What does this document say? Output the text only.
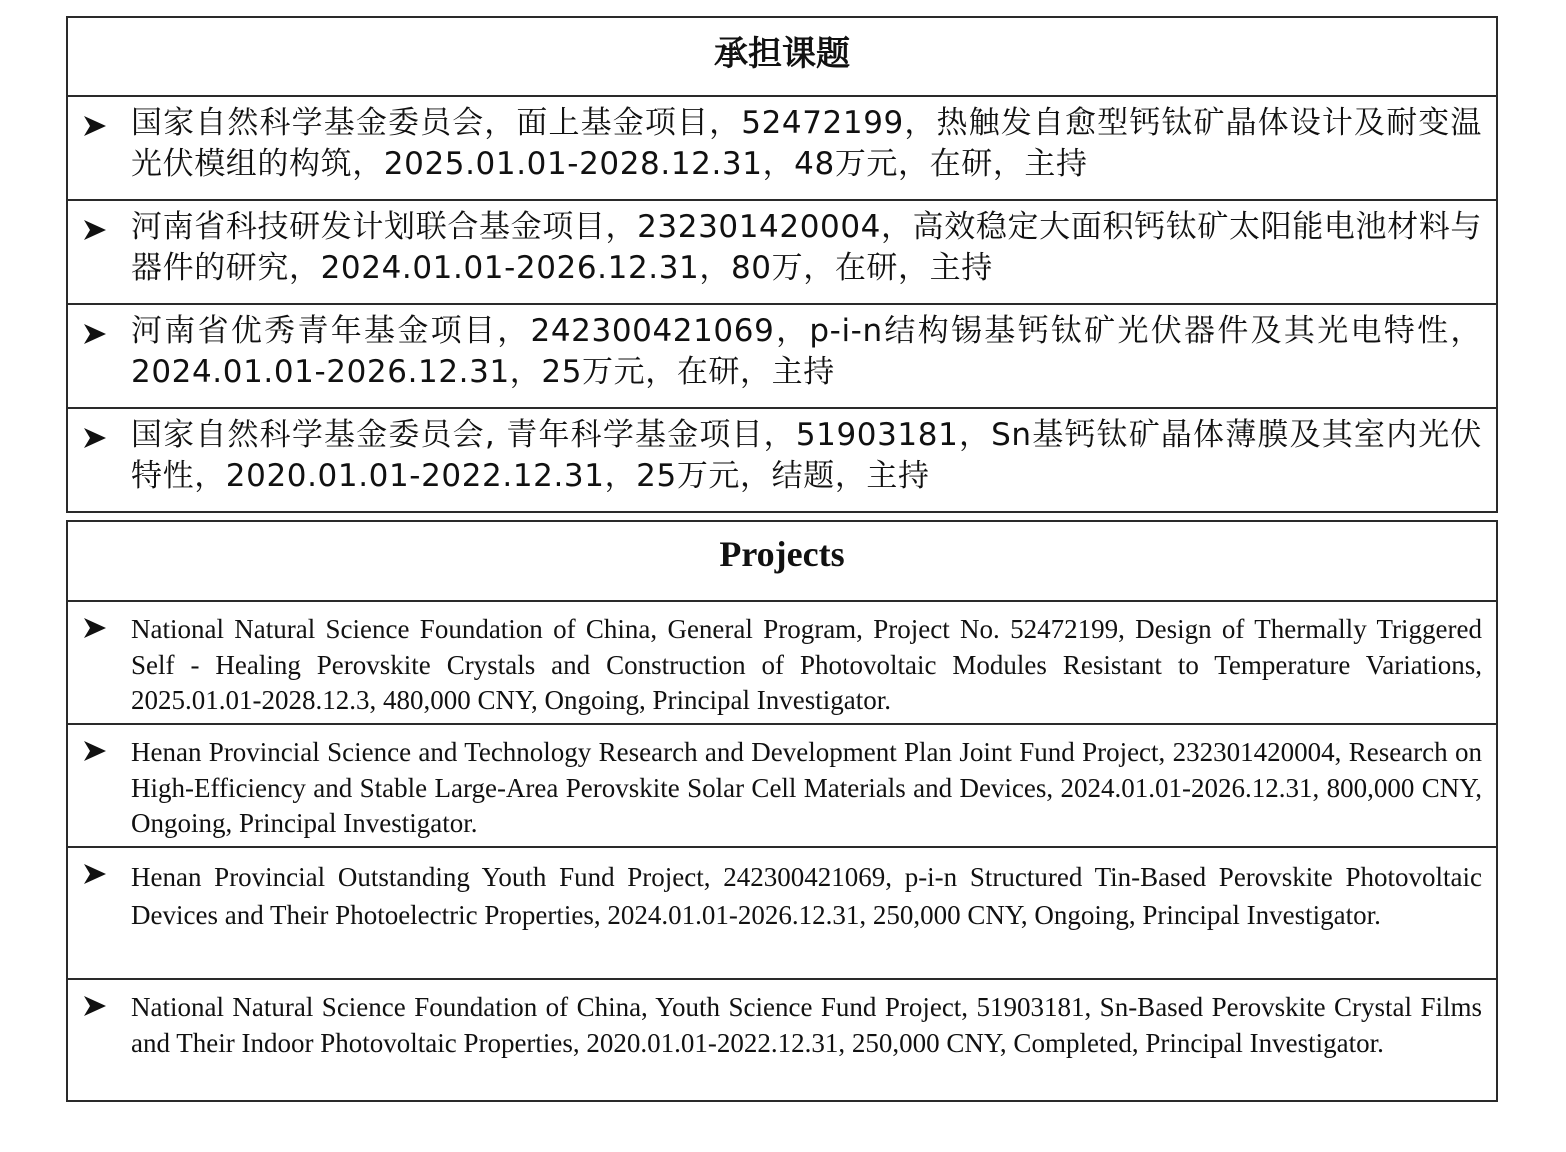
承担课题
国家自然科学基金委员会，面上基金项目，52472199，热触发自愈型钙钛矿晶体设计及耐变温光伏模组的构筑，2025.01.01-2028.12.31，48万元，在研，主持
河南省科技研发计划联合基金项目，232301420004，高效稳定大面积钙钛矿太阳能电池材料与器件的研究，2024.01.01-2026.12.31，80万，在研，主持
河南省优秀青年基金项目，242300421069，p-i-n结构锡基钙钛矿光伏器件及其光电特性，2024.01.01-2026.12.31，25万元，在研，主持
国家自然科学基金委员会, 青年科学基金项目，51903181，Sn基钙钛矿晶体薄膜及其室内光伏特性，2020.01.01-2022.12.31，25万元，结题，主持
Projects
National Natural Science Foundation of China, General Program, Project No. 52472199, Design of Thermally Triggered Self - Healing Perovskite Crystals and Construction of Photovoltaic Modules Resistant to Temperature Variations, 2025.01.01-2028.12.3, 480,000 CNY, Ongoing, Principal Investigator.
Henan Provincial Science and Technology Research and Development Plan Joint Fund Project, 232301420004, Research on High-Efficiency and Stable Large-Area Perovskite Solar Cell Materials and Devices, 2024.01.01-2026.12.31, 800,000 CNY, Ongoing, Principal Investigator.
Henan Provincial Outstanding Youth Fund Project, 242300421069, p-i-n Structured Tin-Based Perovskite Photovoltaic Devices and Their Photoelectric Properties, 2024.01.01-2026.12.31, 250,000 CNY, Ongoing, Principal Investigator.
National Natural Science Foundation of China, Youth Science Fund Project, 51903181, Sn-Based Perovskite Crystal Films and Their Indoor Photovoltaic Properties, 2020.01.01-2022.12.31, 250,000 CNY, Completed, Principal Investigator.
